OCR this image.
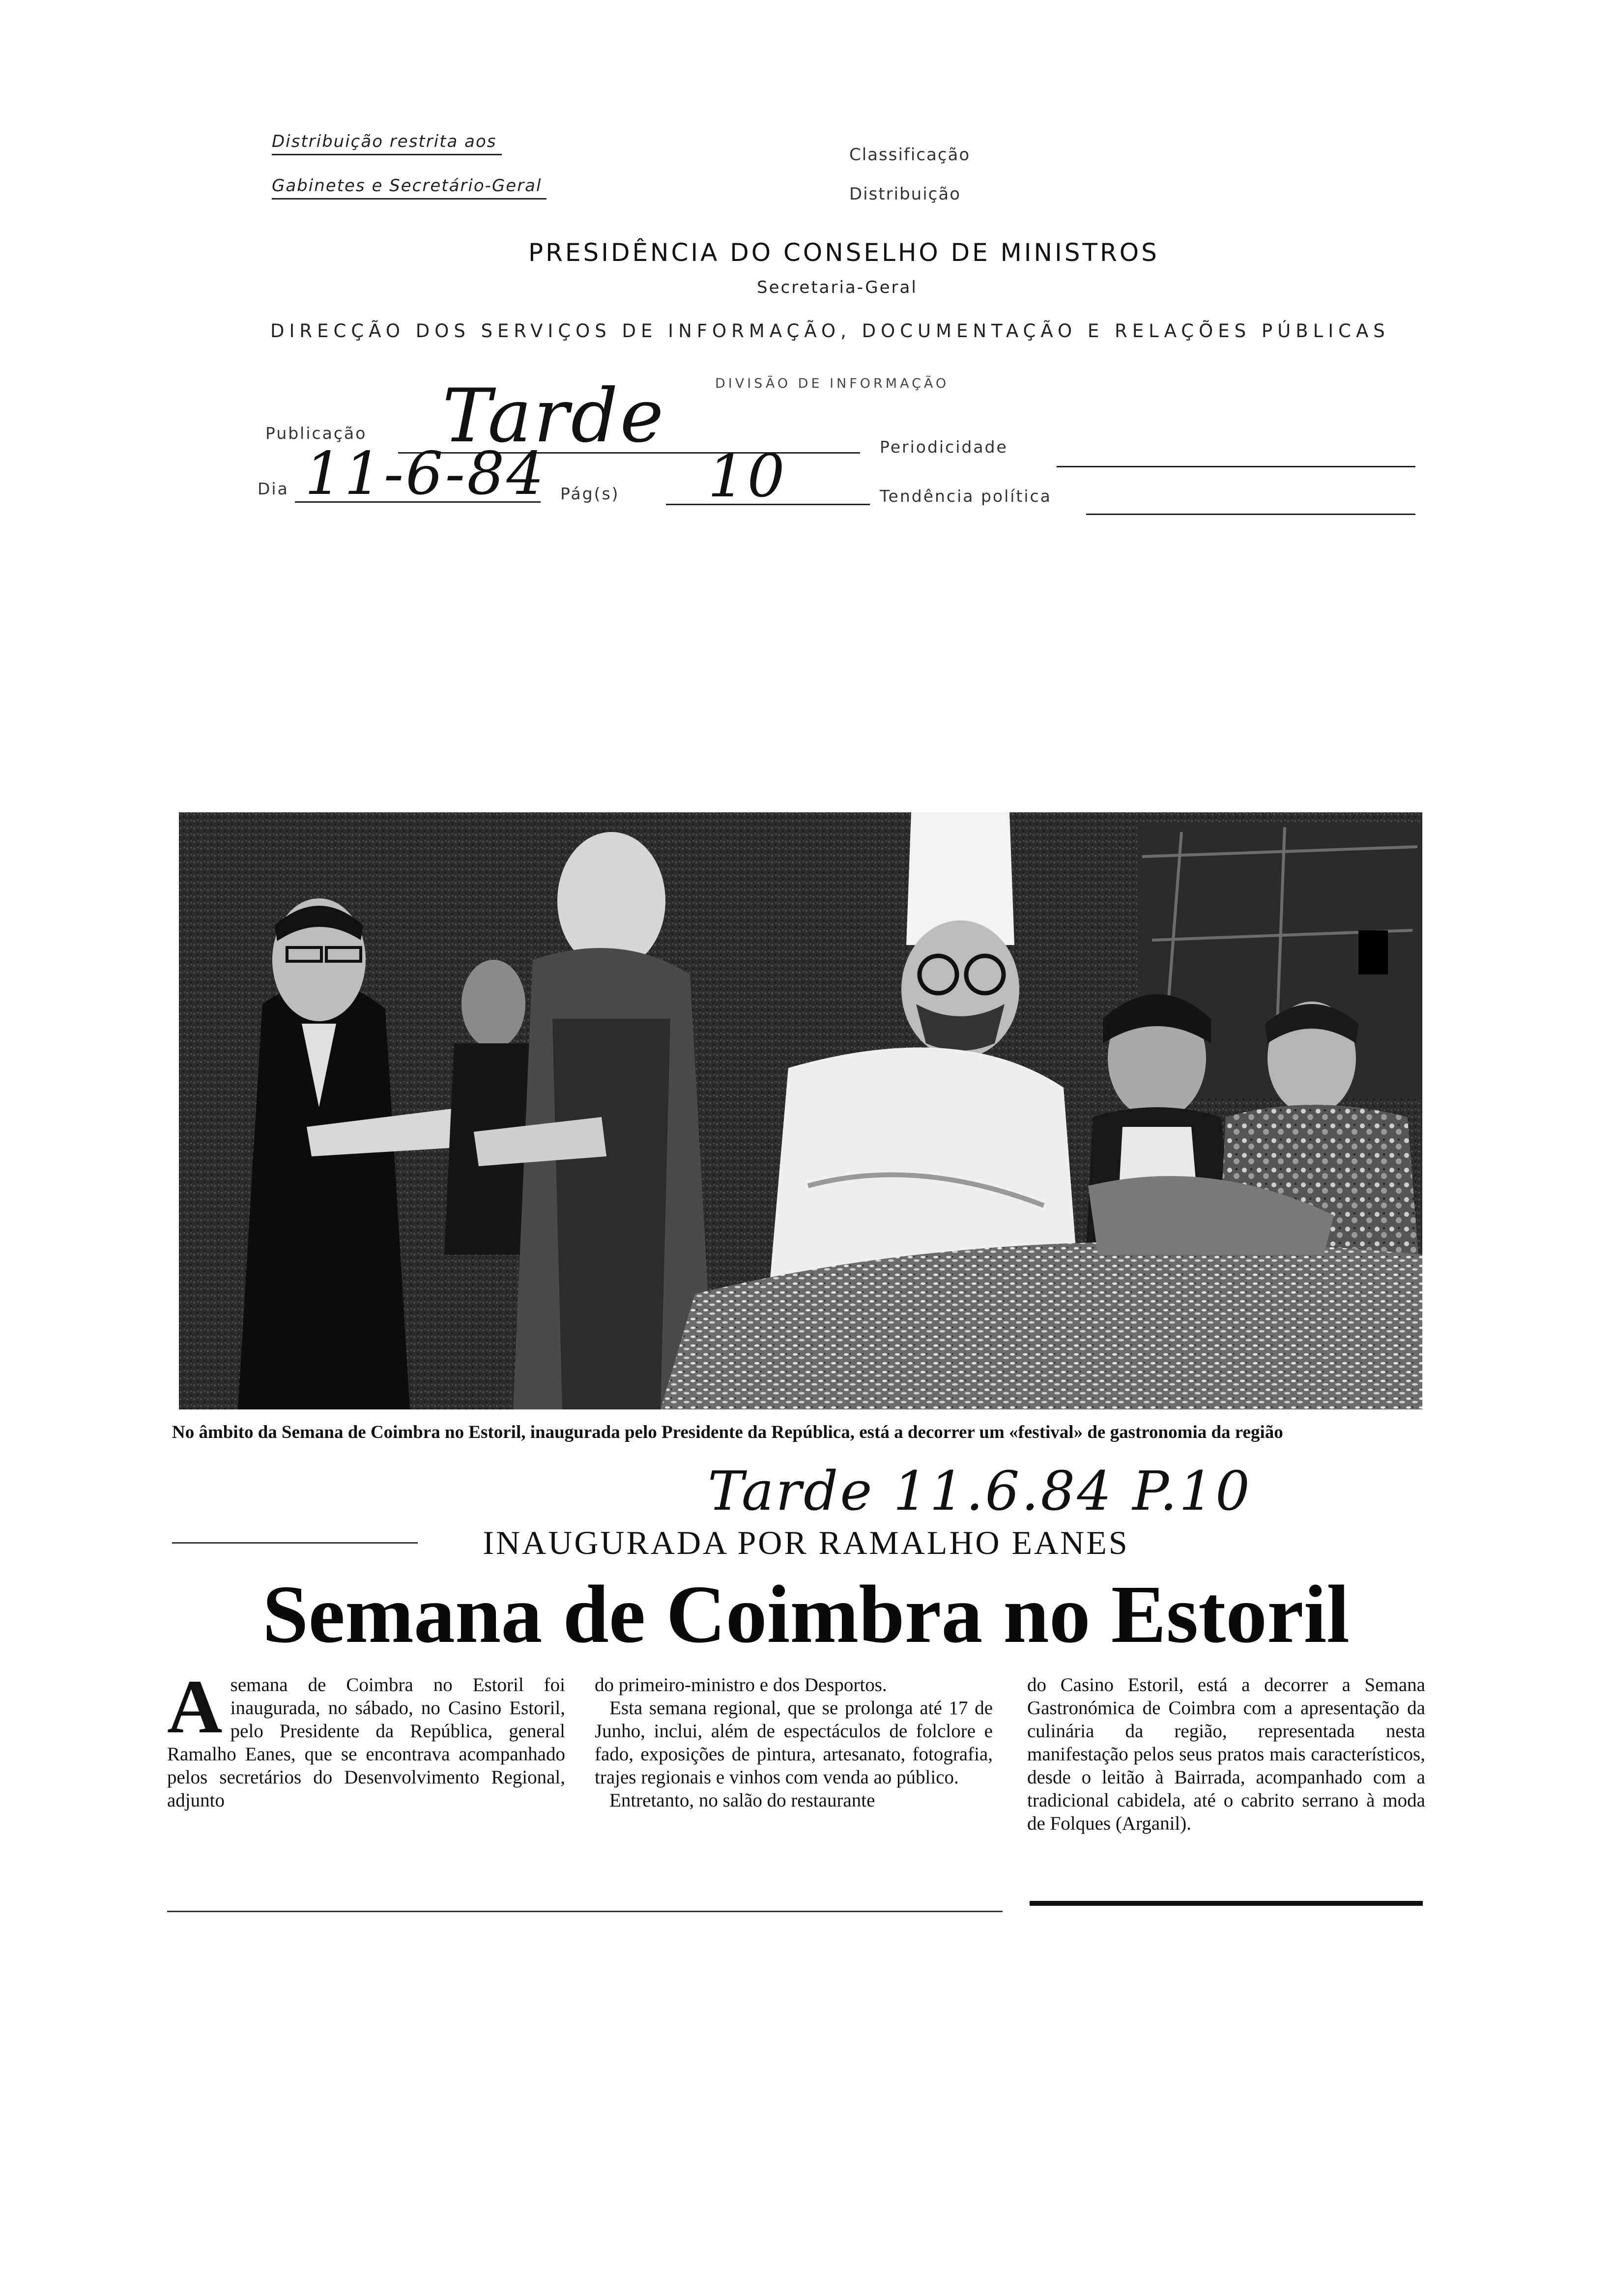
Distribuição restrita aos
Gabinetes e Secretário-Geral
Classificação
Distribuição
PRESIDÊNCIA DO CONSELHO DE MINISTROS
Secretaria-Geral
DIRECÇÃO DOS SERVIÇOS DE INFORMAÇÃO, DOCUMENTAÇÃO E RELAÇÕES PÚBLICAS
DIVISÃO DE INFORMAÇÃO
Publicação Tarde	Periodicidade
Dia 11-6-84 Pág(s) 10	Tendência política
No âmbito da Semana de Coimbra no Estoril, inaugurada pelo Presidente da República, está a decorrer um «festival» de gastronomia da região
Tarde 11.6.84 P.10
INAUGURADA POR RAMALHO EANES
Semana de Coimbra no Estoril

Asemana de Coimbra no Estoril foi inaugurada, no sábado, no Casino Estoril, pelo Presidente da República, general Ramalho Eanes, que se encontrava acompanhado pelos secretários do Desenvolvimento Regional, adjunto

do primeiro-ministro e dos Desportos.

Esta semana regional, que se prolonga até 17 de Junho, inclui, além de espectáculos de folclore e fado, exposições de pintura, artesanato, fotografia, trajes regionais e vinhos com venda ao público.

Entretanto, no salão do restaurante

do Casino Estoril, está a decorrer a Semana Gastronómica de Coimbra com a apresentação da culinária da região, representada nesta manifestação pelos seus pratos mais característicos, desde o leitão à Bairrada, acompanhado com a tradicional cabidela, até o cabrito serrano à moda de Folques (Arganil).
